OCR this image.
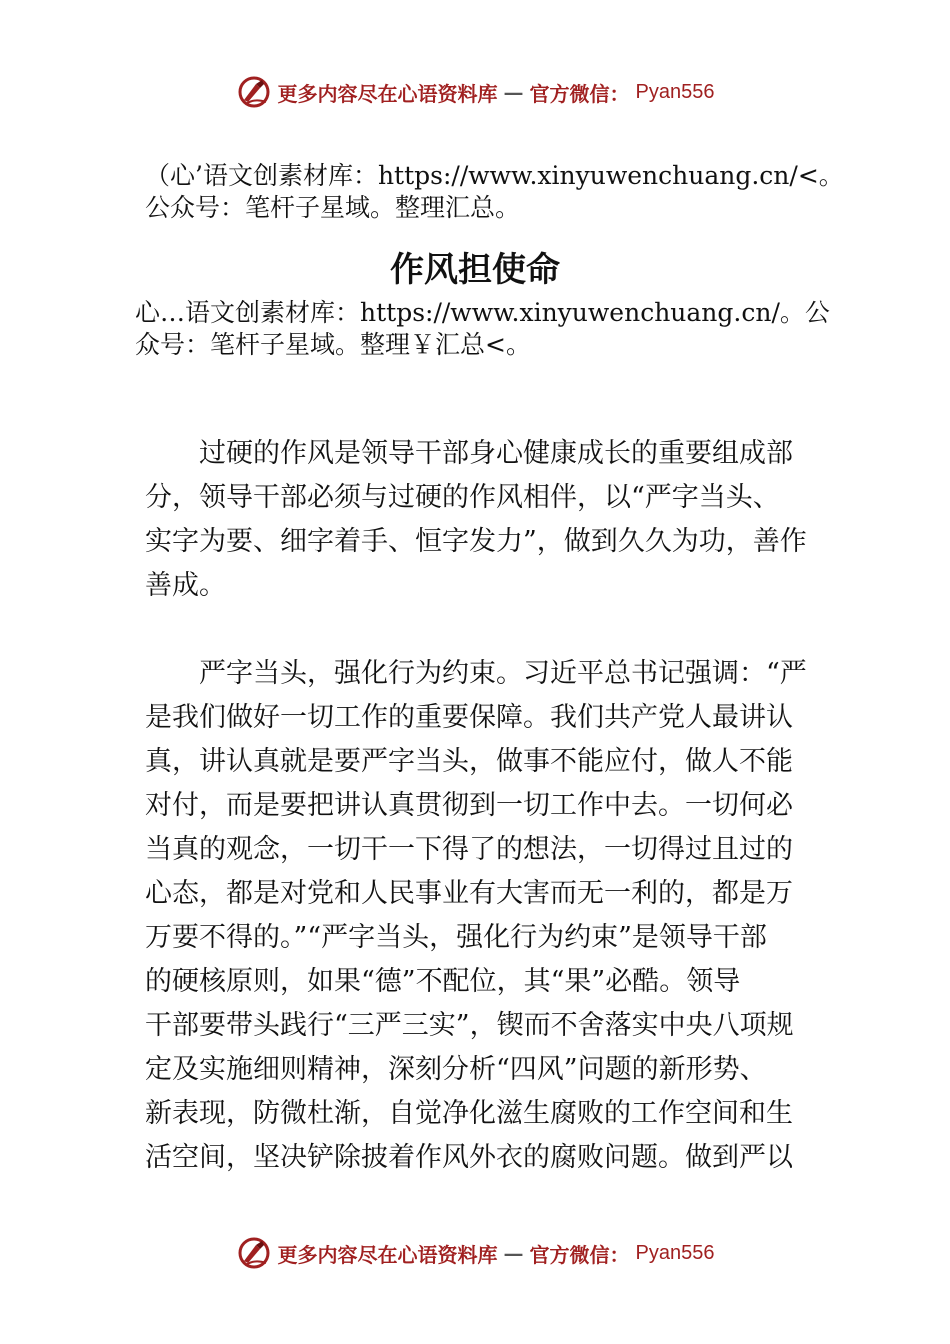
更多内容尽在心语资料库 — 官方微信： Pyan556
（心’语文创素材库：https://www.xinyuwenchuang.cn/<。
公众号：笔杆子星域。整理汇总。
作风担使命
心…语文创素材库：https://www.xinyuwenchuang.cn/。公
众号：笔杆子星域。整理￥汇总<。
　　过硬的作风是领导干部身心健康成长的重要组成部
分，领导干部必须与过硬的作风相伴，以“严字当头、
实字为要、细字着手、恒字发力”，做到久久为功，善作
善成。
　　严字当头，强化行为约束。习近平总书记强调：“严
是我们做好一切工作的重要保障。我们共产党人最讲认
真，讲认真就是要严字当头，做事不能应付，做人不能
对付，而是要把讲认真贯彻到一切工作中去。一切何必
当真的观念，一切干一下得了的想法，一切得过且过的
心态，都是对党和人民事业有大害而无一利的，都是万
万要不得的。”“严字当头，强化行为约束”是领导干部
的硬核原则，如果“德”不配位，其“果”必酷。领导
干部要带头践行“三严三实”，锲而不舍落实中央八项规
定及实施细则精神，深刻分析“四风”问题的新形势、
新表现，防微杜渐，自觉净化滋生腐败的工作空间和生
活空间，坚决铲除披着作风外衣的腐败问题。做到严以
更多内容尽在心语资料库 — 官方微信： Pyan556
